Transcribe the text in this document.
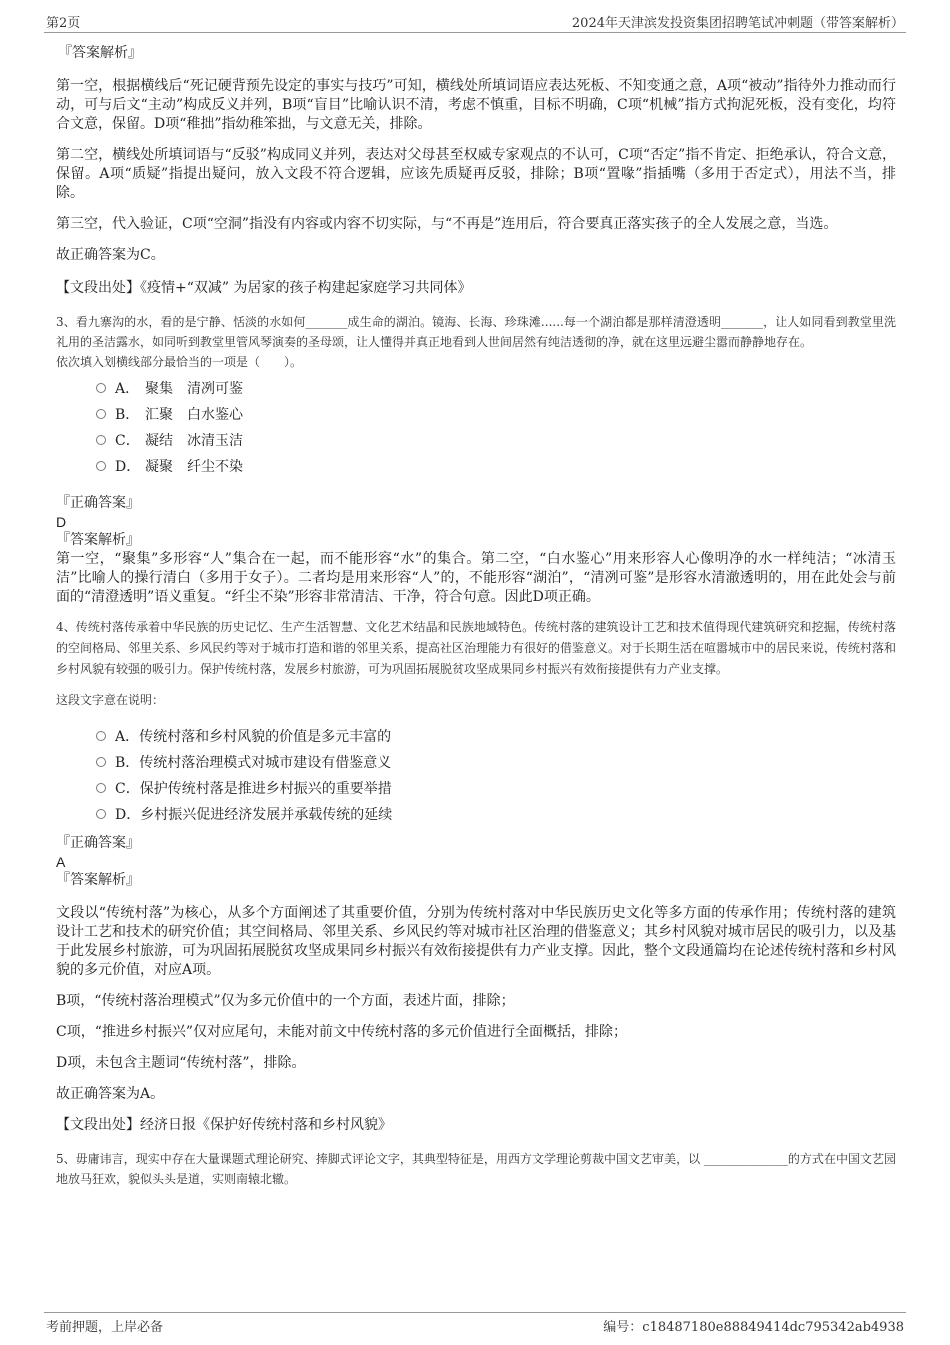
第2页	2024年天津滨发投资集团招聘笔试冲刺题（带答案解析）
『答案解析』

第一空，根据横线后“死记硬背预先设定的事实与技巧”可知，横线处所填词语应表达死板、不知变通之意，A项“被动”指待外力推动而行动，可与后文“主动”构成反义并列，B项“盲目”比喻认识不清，考虑不慎重，目标不明确，C项“机械”指方式拘泥死板，没有变化，均符合文意，保留。D项“稚拙”指幼稚笨拙，与文意无关，排除。

第二空，横线处所填词语与“反驳”构成同义并列，表达对父母甚至权威专家观点的不认可，C项“否定”指不肯定、拒绝承认，符合文意，保留。A项“质疑”指提出疑问，放入文段不符合逻辑，应该先质疑再反驳，排除；B项“置喙”指插嘴（多用于否定式），用法不当，排除。

第三空，代入验证，C项“空洞”指没有内容或内容不切实际，与“不再是”连用后，符合要真正落实孩子的全人发展之意，当选。

故正确答案为C。

【文段出处】《疫情+“双减” 为居家的孩子构建起家庭学习共同体》

3、看九寨沟的水，看的是宁静、恬淡的水如何_______成生命的湖泊。镜海、长海、珍珠滩......每一个湖泊都是那样清澄透明_______，让人如同看到教堂里洗礼用的圣洁露水，如同听到教堂里管风琴演奏的圣母颂，让人懂得并真正地看到人世间居然有纯洁透彻的净，就在这里远避尘嚣而静静地存在。

依次填入划横线部分最恰当的一项是（　　）。

A． 聚集 清冽可鉴
B． 汇聚 白水鉴心
C． 凝结 冰清玉洁
D． 凝聚 纤尘不染
『正确答案』
D
『答案解析』

第一空，“聚集”多形容“人”集合在一起，而不能形容“水”的集合。第二空，“白水鉴心”用来形容人心像明净的水一样纯洁；“冰清玉洁”比喻人的操行清白（多用于女子）。二者均是用来形容“人”的，不能形容“湖泊”，“清冽可鉴”是形容水清澈透明的，用在此处会与前面的“清澄透明”语义重复。“纤尘不染”形容非常清洁、干净，符合句意。因此D项正确。

4、传统村落传承着中华民族的历史记忆、生产生活智慧、文化艺术结晶和民族地域特色。传统村落的建筑设计工艺和技术值得现代建筑研究和挖掘，传统村落的空间格局、邻里关系、乡风民约等对于城市打造和谐的邻里关系，提高社区治理能力有很好的借鉴意义。对于长期生活在喧嚣城市中的居民来说，传统村落和乡村风貌有较强的吸引力。保护传统村落，发展乡村旅游，可为巩固拓展脱贫攻坚成果同乡村振兴有效衔接提供有力产业支撑。

这段文字意在说明：

A．传统村落和乡村风貌的价值是多元丰富的
B．传统村落治理模式对城市建设有借鉴意义
C．保护传统村落是推进乡村振兴的重要举措
D．乡村振兴促进经济发展并承载传统的延续
『正确答案』
A
『答案解析』

文段以“传统村落”为核心，从多个方面阐述了其重要价值，分别为传统村落对中华民族历史文化等多方面的传承作用；传统村落的建筑设计工艺和技术的研究价值；其空间格局、邻里关系、乡风民约等对城市社区治理的借鉴意义；其乡村风貌对城市居民的吸引力，以及基于此发展乡村旅游，可为巩固拓展脱贫攻坚成果同乡村振兴有效衔接提供有力产业支撑。因此，整个文段通篇均在论述传统村落和乡村风貌的多元价值，对应A项。

B项，“传统村落治理模式”仅为多元价值中的一个方面，表述片面，排除；

C项，“推进乡村振兴”仅对应尾句，未能对前文中传统村落的多元价值进行全面概括，排除；

D项，未包含主题词“传统村落”，排除。

故正确答案为A。

【文段出处】经济日报《保护好传统村落和乡村风貌》

5、毋庸讳言，现实中存在大量课题式理论研究、捧脚式评论文字，其典型特征是，用西方文学理论剪裁中国文艺审美，以 ______________的方式在中国文艺园地放马狂欢，貌似头头是道，实则南辕北辙。

考前押题，上岸必备	编号：c18487180e88849414dc795342ab4938
